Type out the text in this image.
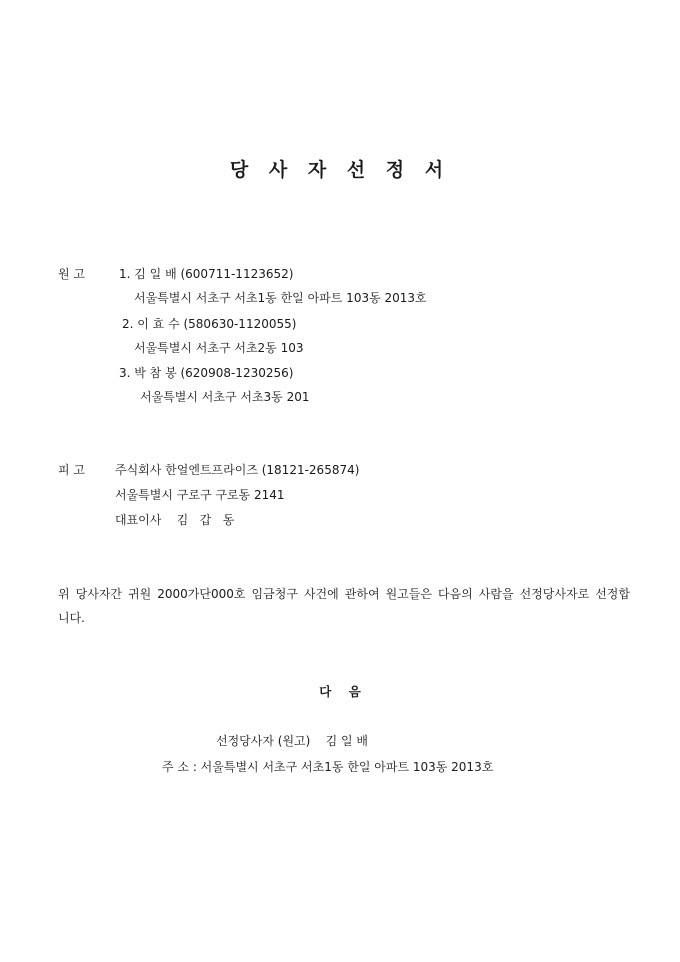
당 사 자 선 정 서
원 고	1. 김 일 배 (600711-1123652)
서울특별시 서초구 서초1동 한일 아파트 103동 2013호
2. 이 효 수 (580630-1120055)
서울특별시 서초구 서초2동 103
3. 박 참 봉 (620908-1230256)
서울특별시 서초구 서초3동 201
피 고	주식회사 한얼엔트프라이즈 (18121-265874)
서울특별시 구로구 구로동 2141
대표이사    김   갑   동
위 당사자간 귀원 2000가단000호 임금청구 사건에 관하여 원고들은 다음의 사람을 선정당사자로 선정합니다.
다    음
선정당사자 (원고)    김 일 배
주 소 : 서울특별시 서초구 서초1동 한일 아파트 103동 2013호
